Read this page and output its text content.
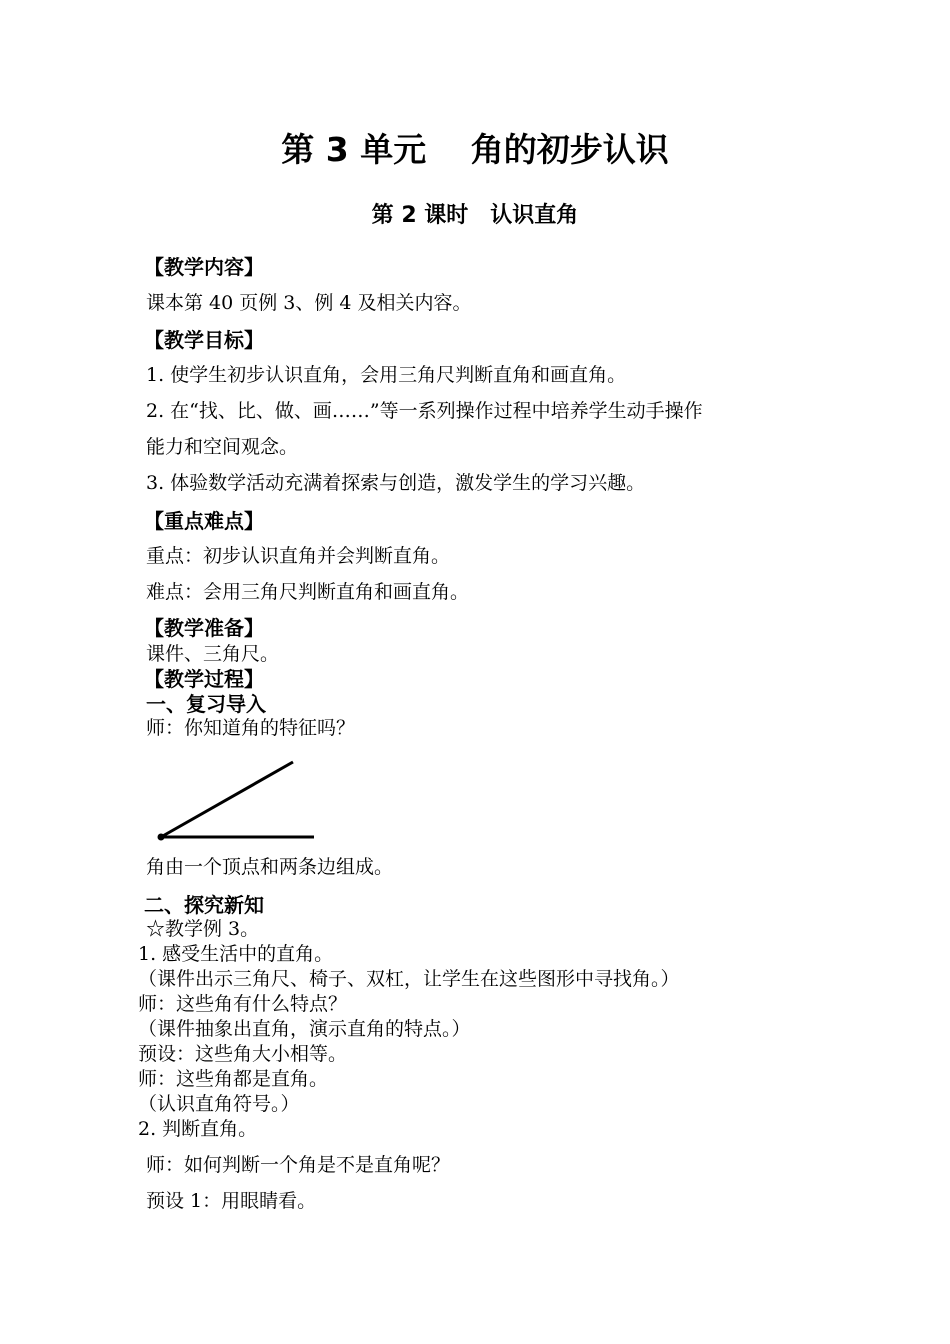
第 3 单元　 角的初步认识
第 2 课时　认识直角
【教学内容】
课本第 40 页例 3、例 4 及相关内容。
【教学目标】
1. 使学生初步认识直角，会用三角尺判断直角和画直角。
2. 在“找、比、做、画……”等一系列操作过程中培养学生动手操作
能力和空间观念。
3. 体验数学活动充满着探索与创造，激发学生的学习兴趣。
【重点难点】
重点：初步认识直角并会判断直角。
难点：会用三角尺判断直角和画直角。
【教学准备】
课件、三角尺。
【教学过程】
一、复习导入
师：你知道角的特征吗？
角由一个顶点和两条边组成。
二、探究新知
☆教学例 3。
1. 感受生活中的直角。
（课件出示三角尺、椅子、双杠，让学生在这些图形中寻找角。）
师：这些角有什么特点？
（课件抽象出直角，演示直角的特点。）
预设：这些角大小相等。
师：这些角都是直角。
（认识直角符号。）
2. 判断直角。
师：如何判断一个角是不是直角呢？
预设 1：用眼睛看。
